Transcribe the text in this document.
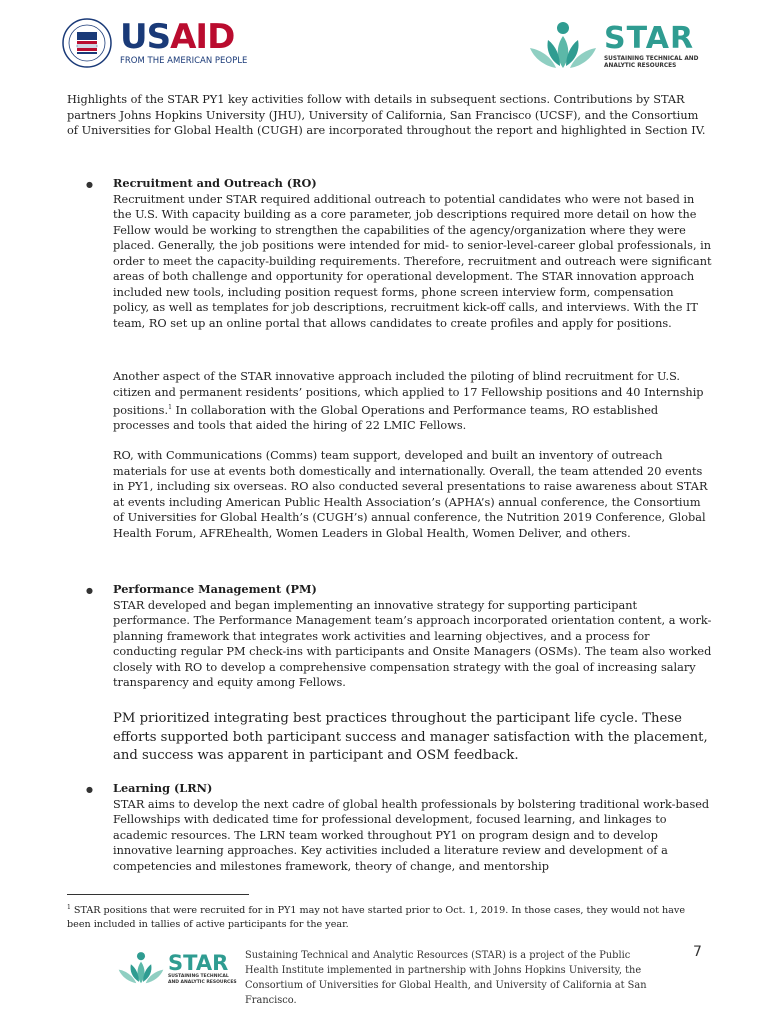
USAID
FROM THE AMERICAN PEOPLE
STAR
SUSTAINING TECHNICAL AND ANALYTIC RESOURCES

Highlights of the STAR PY1 key activities follow with details in subsequent sections. Contributions by STAR partners Johns Hopkins University (JHU), University of California, San Francisco (UCSF), and the Consortium of Universities for Global Health (CUGH) are incorporated throughout the report and highlighted in Section IV.

● Recruitment and Outreach (RO)

Recruitment under STAR required additional outreach to potential candidates who were not based in the U.S. With capacity building as a core parameter, job descriptions required more detail on how the Fellow would be working to strengthen the capabilities of the agency/organization where they were placed. Generally, the job positions were intended for mid- to senior-level-career global professionals, in order to meet the capacity-building requirements. Therefore, recruitment and outreach were significant areas of both challenge and opportunity for operational development. The STAR innovation approach included new tools, including position request forms, phone screen interview form, compensation policy, as well as templates for job descriptions, recruitment kick-off calls, and interviews. With the IT team, RO set up an online portal that allows candidates to create profiles and apply for positions.

Another aspect of the STAR innovative approach included the piloting of blind recruitment for U.S. citizen and permanent residents’ positions, which applied to 17 Fellowship positions and 40 Internship positions.$^1$ In collaboration with the Global Operations and Performance teams, RO established processes and tools that aided the hiring of 22 LMIC Fellows.

RO, with Communications (Comms) team support, developed and built an inventory of outreach materials for use at events both domestically and internationally. Overall, the team attended 20 events in PY1, including six overseas. RO also conducted several presentations to raise awareness about STAR at events including American Public Health Association’s (APHA’s) annual conference, the Consortium of Universities for Global Health’s (CUGH’s) annual conference, the Nutrition 2019 Conference, Global Health Forum, AFREhealth, Women Leaders in Global Health, Women Deliver, and others.

● Performance Management (PM)

STAR developed and began implementing an innovative strategy for supporting participant performance. The Performance Management team’s approach incorporated orientation content, a work-planning framework that integrates work activities and learning objectives, and a process for conducting regular PM check-ins with participants and Onsite Managers (OSMs). The team also worked closely with RO to develop a comprehensive compensation strategy with the goal of increasing salary transparency and equity among Fellows.

PM prioritized integrating best practices throughout the participant life cycle. These efforts supported both participant success and manager satisfaction with the placement, and success was apparent in participant and OSM feedback.

● Learning (LRN)

STAR aims to develop the next cadre of global health professionals by bolstering traditional work-based Fellowships with dedicated time for professional development, focused learning, and linkages to academic resources. The LRN team worked throughout PY1 on program design and to develop innovative learning approaches. Key activities included a literature review and development of a competencies and milestones framework, theory of change, and mentorship

$^1$ STAR positions that were recruited for in PY1 may not have started prior to Oct. 1, 2019. In those cases, they would not have been included in tallies of active participants for the year.
STAR
SUSTAINING TECHNICAL AND ANALYTIC RESOURCES
Sustaining Technical and Analytic Resources (STAR) is a project of the Public Health Institute implemented in partnership with Johns Hopkins University, the Consortium of Universities for Global Health, and University of California at San Francisco.
7
